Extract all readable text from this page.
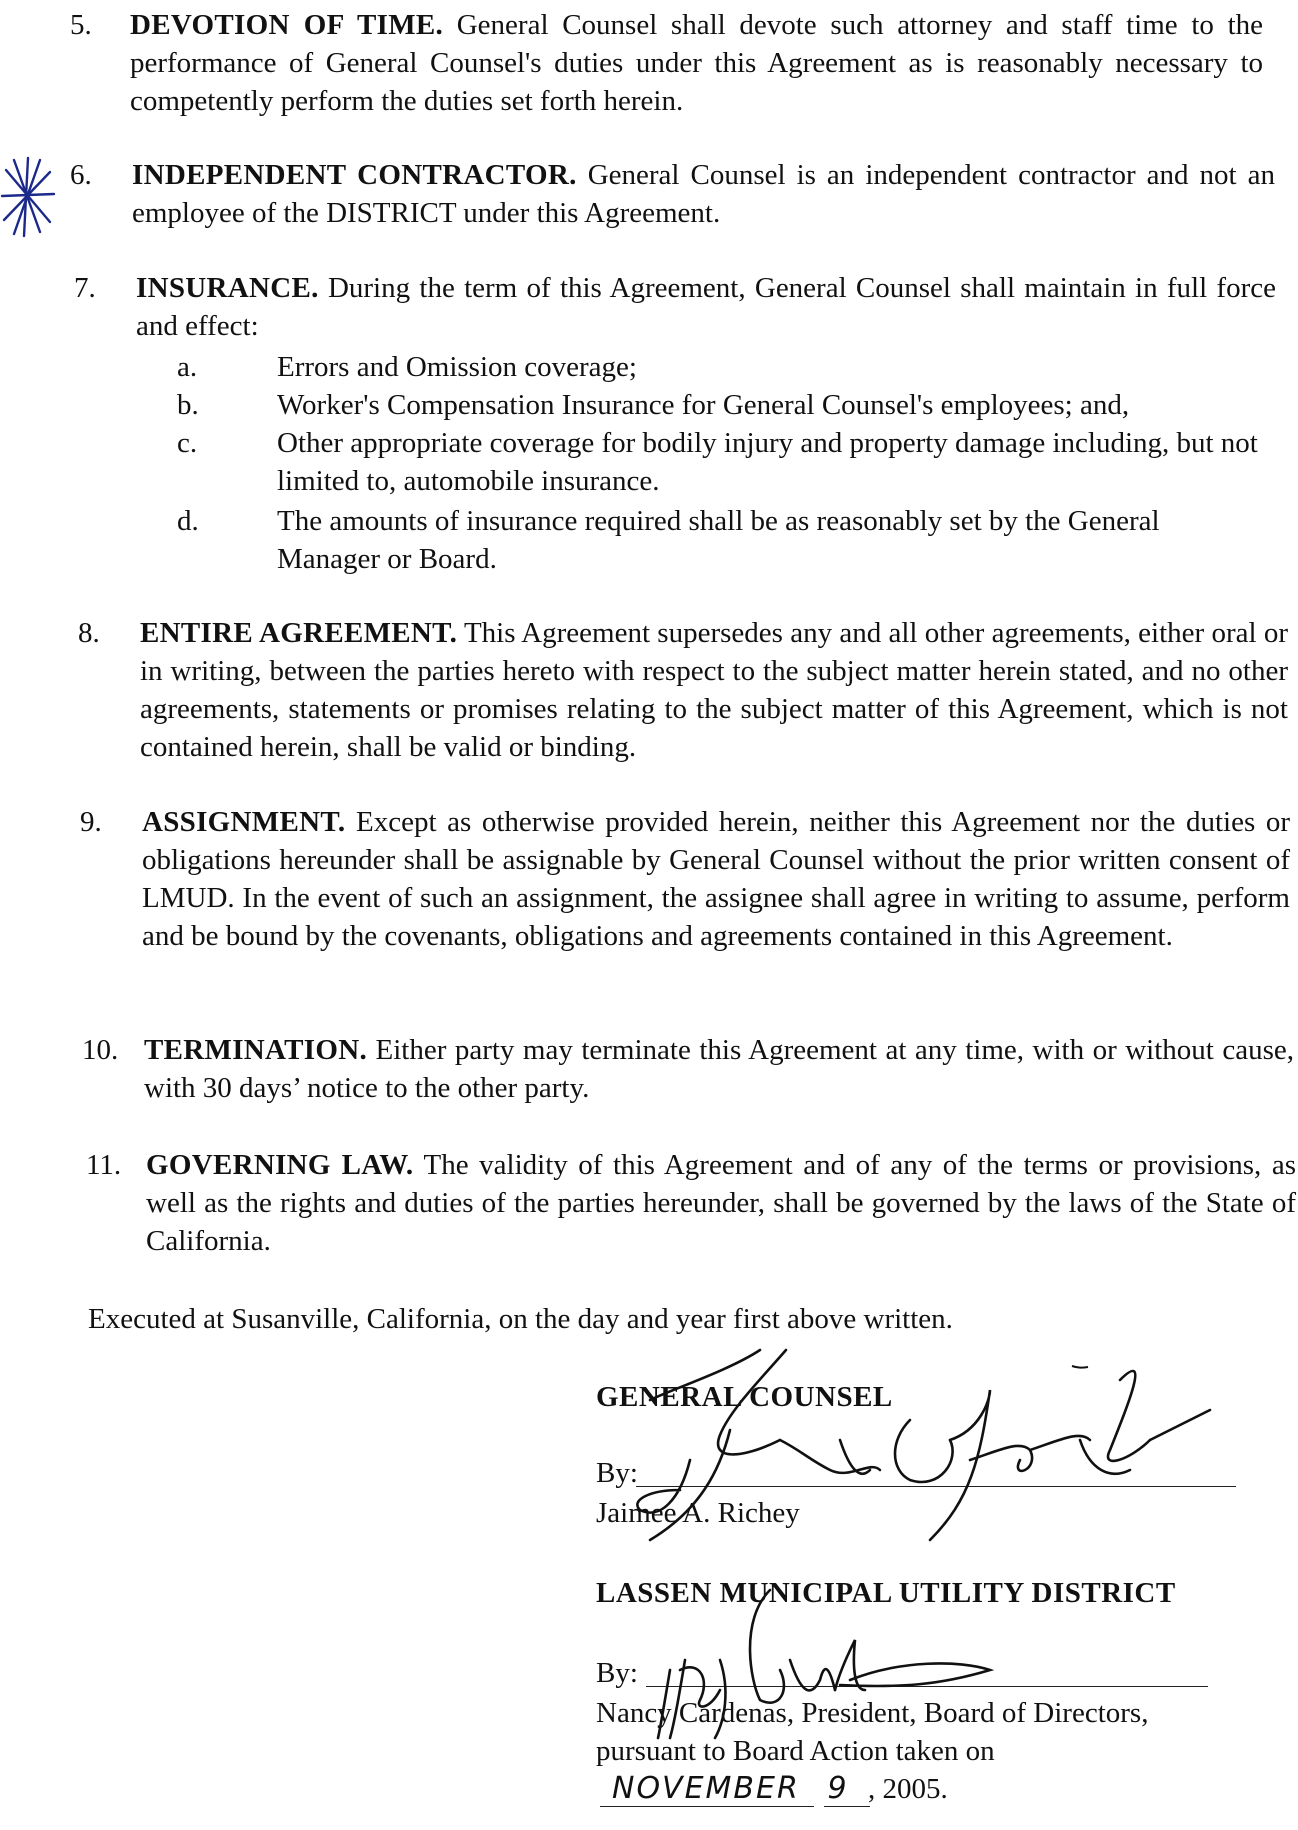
5. DEVOTION OF TIME. General Counsel shall devote such attorney and staff time to the performance of General Counsel's duties under this Agreement as is reasonably necessary to competently perform the duties set forth herein.
6. INDEPENDENT CONTRACTOR. General Counsel is an independent contractor and not an employee of the DISTRICT under this Agreement.
7. INSURANCE. During the term of this Agreement, General Counsel shall maintain in full force and effect:
a.	Errors and Omission coverage;
b.	Worker's Compensation Insurance for General Counsel's employees; and,
c.	Other appropriate coverage for bodily injury and property damage including, but not limited to, automobile insurance.
d.	The amounts of insurance required shall be as reasonably set by the General Manager or Board.
8. ENTIRE AGREEMENT. This Agreement supersedes any and all other agreements, either oral or in writing, between the parties hereto with respect to the subject matter herein stated, and no other agreements, statements or promises relating to the subject matter of this Agreement, which is not contained herein, shall be valid or binding.
9. ASSIGNMENT. Except as otherwise provided herein, neither this Agreement nor the duties or obligations hereunder shall be assignable by General Counsel without the prior written consent of LMUD. In the event of such an assignment, the assignee shall agree in writing to assume, perform and be bound by the covenants, obligations and agreements contained in this Agreement.
10. TERMINATION. Either party may terminate this Agreement at any time, with or without cause, with 30 days’ notice to the other party.
11. GOVERNING LAW. The validity of this Agreement and of any of the terms or provisions, as well as the rights and duties of the parties hereunder, shall be governed by the laws of the State of California.
Executed at Susanville, California, on the day and year first above written.
GENERAL COUNSEL
By:
Jaimee A. Richey
LASSEN MUNICIPAL UTILITY DISTRICT
By:
Nancy Cardenas, President, Board of Directors,
pursuant to Board Action taken on
NOVEMBER 9 , 2005.
